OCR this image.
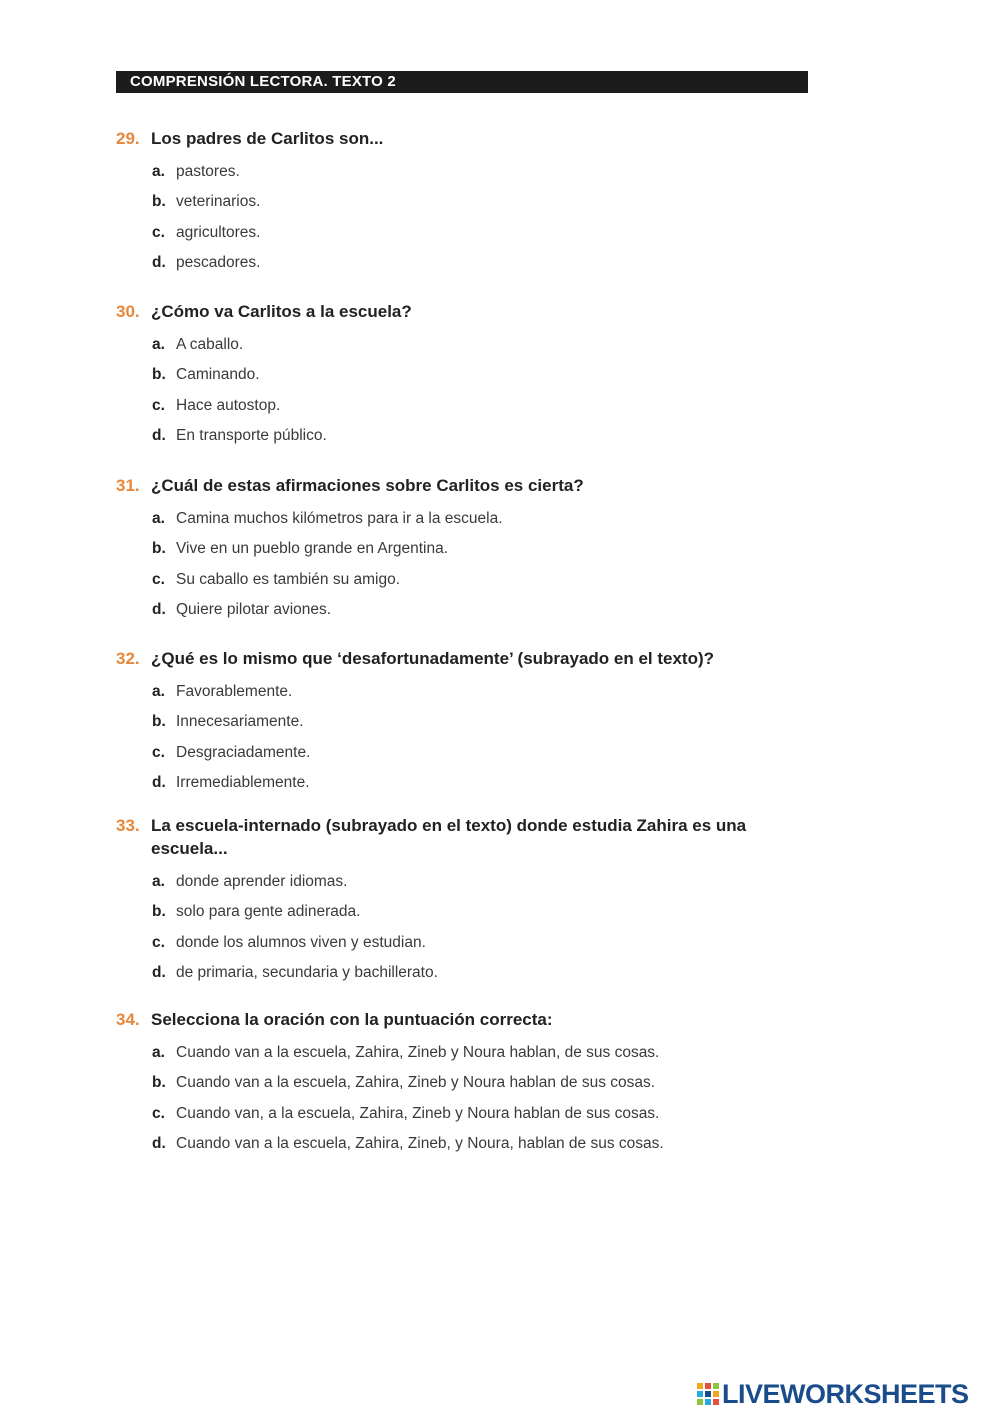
COMPRENSIÓN LECTORA. TEXTO 2
29. Los padres de Carlitos son...
a. pastores.
b. veterinarios.
c. agricultores.
d. pescadores.
30. ¿Cómo va Carlitos a la escuela?
a. A caballo.
b. Caminando.
c. Hace autostop.
d. En transporte público.
31. ¿Cuál de estas afirmaciones sobre Carlitos es cierta?
a. Camina muchos kilómetros para ir a la escuela.
b. Vive en un pueblo grande en Argentina.
c. Su caballo es también su amigo.
d. Quiere pilotar aviones.
32. ¿Qué es lo mismo que ‘desafortunadamente’ (subrayado en el texto)?
a. Favorablemente.
b. Innecesariamente.
c. Desgraciadamente.
d. Irremediablemente.
33. La escuela-internado (subrayado en el texto) donde estudia Zahira es una escuela...
a. donde aprender idiomas.
b. solo para gente adinerada.
c. donde los alumnos viven y estudian.
d. de primaria, secundaria y bachillerato.
34. Selecciona la oración con la puntuación correcta:
a. Cuando van a la escuela, Zahira, Zineb y Noura hablan, de sus cosas.
b. Cuando van a la escuela, Zahira, Zineb y Noura hablan de sus cosas.
c. Cuando van, a la escuela, Zahira, Zineb y Noura hablan de sus cosas.
d. Cuando van a la escuela, Zahira, Zineb, y Noura, hablan de sus cosas.
LIVEWORKSHEETS
